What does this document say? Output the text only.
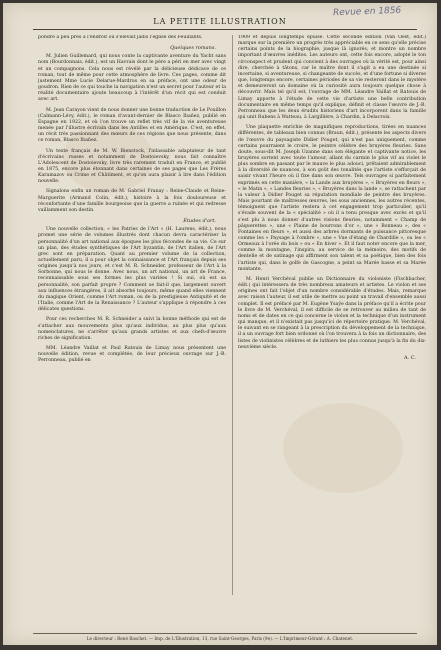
Revue en 1856
LA PETITE ILLUSTRATION

pondre à peu près à l'endroit où s'élevait jadis l'église des Feuillants.

Quelques romans.

M. Julien Guillemard, qui nous conte la captivante aventure du Yacht sans nom (Bourdonnais, édit.), est un Havrais dont le père a péri en mer avec vingt et un compagnons. Cela nous est révélé par la délicieuse dédicace de ce roman, tout de même pour cette atmosphère de livre. Ces pages, comme dit justement Mme Lucie Delarue-Mardrus en sa préface, ont une odeur de goudron. Rien de ce qui touche la navigation n'est un secret pour l'auteur et la réalité documentaire ajoute beaucoup à l'intérêt d'un récit qui est conduit avec art.

M. Jean Carayon vient de nous donner une bonne traduction de Le Pouillon (Calmann-Lévy, édit.), le roman d'avant-dernier de Blasco Ibañez, publié en Espagne en 1922, et où l'on trouve un reflet très vif de la vie aventureuse menée par l'illustre écrivain dans les Antilles et en Amérique. C'est, en effet, un récit très passionnant des mœurs de ces régions que nous présente, dans ce roman, Blasco Ibañez.

Un texte français de M. W. Bienstock, l'inlassable adaptateur de tant d'écrivains russes et notamment de Dostoievsky, nous fait connaître L'Adolescent de Dostoievsky, livre très rarement traduit en France, et publié en 1875, encore plus étonnant dans certaines de ses pages que Les Frères Karamazov ou Crime et Châtiment, et qu'on aura plaisir à lire dans l'édition nouvelle.

Signalons enfin un roman de M. Gabriel Franay : Reine-Claude et Reine-Marguerite (Armand Colin, édit.), histoire à la fois douloureuse et réconfortante d'une famille bourgeoise que la guerre a ruinée et qui redresse vaillamment son destin.

Études d'art.

Une nouvelle collection, « les Patries de l'Art » (H. Laurens, édit.), nous promet une série de volumes illustrés dont chacun devra caractériser la personnalité d'un art national aux époques les plus fécondes de sa vie. Ce sur un plan, des études synthétiques de l'Art byzantin, de l'Art italien, de l'Art grec sont en préparation. Quant au premier volume de la collection, actuellement paru, il a pour objet la connaissance et l'Art français depuis ses origines jusqu'à nos jours, et c'est M. R. Schneider, professeur de l'Art à la Sorbonne, qui nous le donne. Avec nous, un art national, un art de France, reconnaissable sous ses formes les plus variées ! Si oui, où est sa personnalité, son parfait propre ? Comment se fait-il que, largement ouvert aux influences étrangères, il ait absorbé toujours, même quand elles viennent du magique Orient, comme l'Art roman, ou de la prestigieuse Antiquité et de l'Italie, comme l'Art de la Renaissance ? L'auteur s'applique à répondre à ces délicates questions.

Pour ces recherches M. R. Schneider a suivi la bonne méthode qui est de s'attacher aux mouvements plus qu'aux individus, au plus plus qu'aux nomenclatures, ne s'arrêter qu'aux grands artistes et aux chefs-d'œuvre riches de signification.

MM. Léandre Vaillat et Paul Ratouis de Limay nous présentent une nouvelle édition, revue et complétée, de leur précieux ouvrage sur J.-B. Perronneau, publié en

1909 et depuis longtemps épuisé. Cette seconde édition (Van Oest, édit.) marque sur la première un progrès très appréciable en ce sens qu'elle précise certains points de la biographie, jusque là ignorés, et montre un nombre important d'œuvres inédites. Les auteurs ont, cette fois encore, adopté le ton circonspect et prudent qui convient à des ouvrages où la vérité est, pour ainsi dire, cherchée à tâtons, car le maître dont il s'agit a eu une destinée si incertaine, si aventureuse, si changeante de succès, et d'une fortune si diverse que, longtemps encore, certaines périodes de sa vie resteront dans le mystère et demeureront un domaine où la curiosité aura toujours quelque chose à découvrir. Mais tel qu'il est, l'ouvrage de MM. Léandre Vaillat et Ratouis de Limay apporte à l'étude de cette vie d'artiste une belle contribution documentaire en même temps qu'il explique, définit et classe l'œuvre de J.-B. Perronneau que les deux érudits historiens d'art incorporent dans la famille qui unit Rubens à Watteau, à Largillière, à Chardin, à Delacroix.

Une plaquette enrichie de magnifiques reproductions, tirées en nuances différentes, de tableaux bien connus (Braun, édit.), présente les aspects divers de l'œuvre du paysagiste Didier Pouget, qui n'est pas uniquement, comme certains pourraient le croire, le peintre célèbre des bruyères fleuries. Sans doute, sous-dit M. Joseph Uzanne dans son élégante et captivante notice, les bruyères sortent avec toute l'amour, allant du carmin le plus vif au violet le plus sombre en passant par le mauve le plus adouci, prêtaient admirablement à la diversité de nuances, à son goût des tonalités que l'artiste s'efforçait de saisir vivant l'heure où il fixe dans son œuvre. Tels ouvrages si parfaitement exprimés en cette manière, « la Lande aux bruyères », « Bruyères en fleurs », « le Matin », « Landes fleuries », « Bruyères dans la lande », se rattachent par la valeur à Didier Pouget sa réputation mondiale de peintre des bruyères. Mais pourtant de maîtresses œuvres, les sous anciennes, les autres récentes, témoignent que l'artiste restera à cet engagement trop particulier, qu'il s'évade souvent de la « spécialité » où il a tenu presque avec excès et qu'il s'est plu à nous donner d'autres visions fleuries, notamment « Champ de pâquerettes », une « Plaine de bourrons d'or », une « Bonneau », des « Fontaines en fleurs », et aussi des arbres dormants de puissance pittoresque comme les « Paysage à l'ombre », une « Vue d'étang de Chardille », ou les « Ormeaux à l'orée du bois » ou « En hiver ». Et il faut noter encore que la mer, comme la montagne, l'inspira, au service de la mémoire, des motifs de dentelle et de satinage qui affirment son talent et sa poétique, bien des fois l'artiste qui, dans le golfe de Gascogne, a peint sa Marée basse et sa Marée montante.

M. Henri Verchéval publie un Dictionnaire du violoniste (Fischbacher, édit.) qui intéressera de très nombreux amateurs et artistes. Le violon et ses origines ont fait l'objet d'un nombre considérable d'études. Mais, remarque avec raison l'auteur, il est utile de mettre au point un travail d'ensemble aussi complet. Il est préfacé par M. Eugène Ysaÿe dans la préface qu'il a écrite pour le livre de M. Verchéval, il est difficile de se retrouver au milieu de tant de noms et de dates en ce qui concerne le violon et la technique d'un instrument qui manque, et il n'existait pas jusqu'ici de répertoire pratique. M. Verchéval, le suivant en se rangeant à la prescription du développement de la technique, il a un ouvrage fort bien ordonné où l'on trouvera à la fois un dictionnaire, des listes de violinistes célèbres et de luthiers les plus connus jusqu'à la fin du dix-neuvième siècle.

A. C.
Le directeur : René Baschet. — Imp. de L'Illustration, 13, rue Saint-Georges, Paris (9e). — L'Imprimeur-Gérant : A. Chatenet.
